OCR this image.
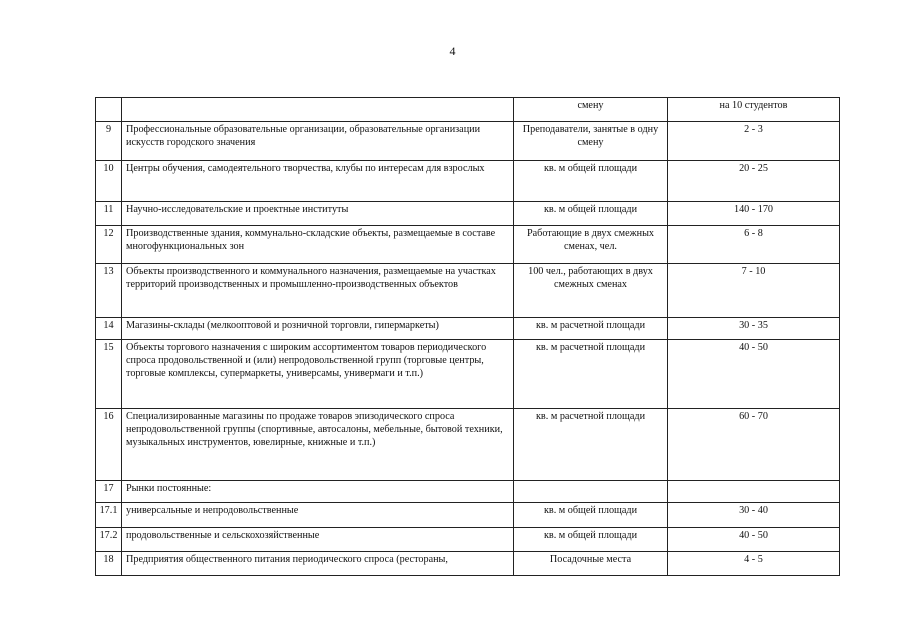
4
		смену	на 10 студентов
9	Профессиональные образовательные организации, образовательные организации искусств городского значения	Преподаватели, занятые в одну смену	2 - 3
10	Центры обучения, самодеятельного творчества, клубы по интересам для взрослых	кв. м общей площади	20 - 25
11	Научно-исследовательские и проектные институты	кв. м общей площади	140 - 170
12	Производственные здания, коммунально-складские объекты, размещаемые в составе многофункциональных зон	Работающие в двух смежных сменах, чел.	6 - 8
13	Объекты производственного и коммунального назначения, размещаемые на участках территорий производственных и промышленно-производственных объектов	100 чел., работающих в двух смежных сменах	7 - 10
14	Магазины-склады (мелкооптовой и розничной торговли, гипермаркеты)	кв. м расчетной площади	30 - 35
15	Объекты торгового назначения с широким ассортиментом товаров периодического спроса продовольственной и (или) непродовольственной групп (торговые центры, торговые комплексы, супермаркеты, универсамы, универмаги и т.п.)	кв. м расчетной площади	40 - 50
16	Специализированные магазины по продаже товаров эпизодического спроса непродовольственной группы (спортивные, автосалоны, мебельные, бытовой техники, музыкальных инструментов, ювелирные, книжные и т.п.)	кв. м расчетной площади	60 - 70
17	Рынки постоянные:		
17.1	универсальные и непродовольственные	кв. м общей площади	30 - 40
17.2	продовольственные и сельскохозяйственные	кв. м общей площади	40 - 50
18	Предприятия общественного питания периодического спроса (рестораны,	Посадочные места	4 - 5
